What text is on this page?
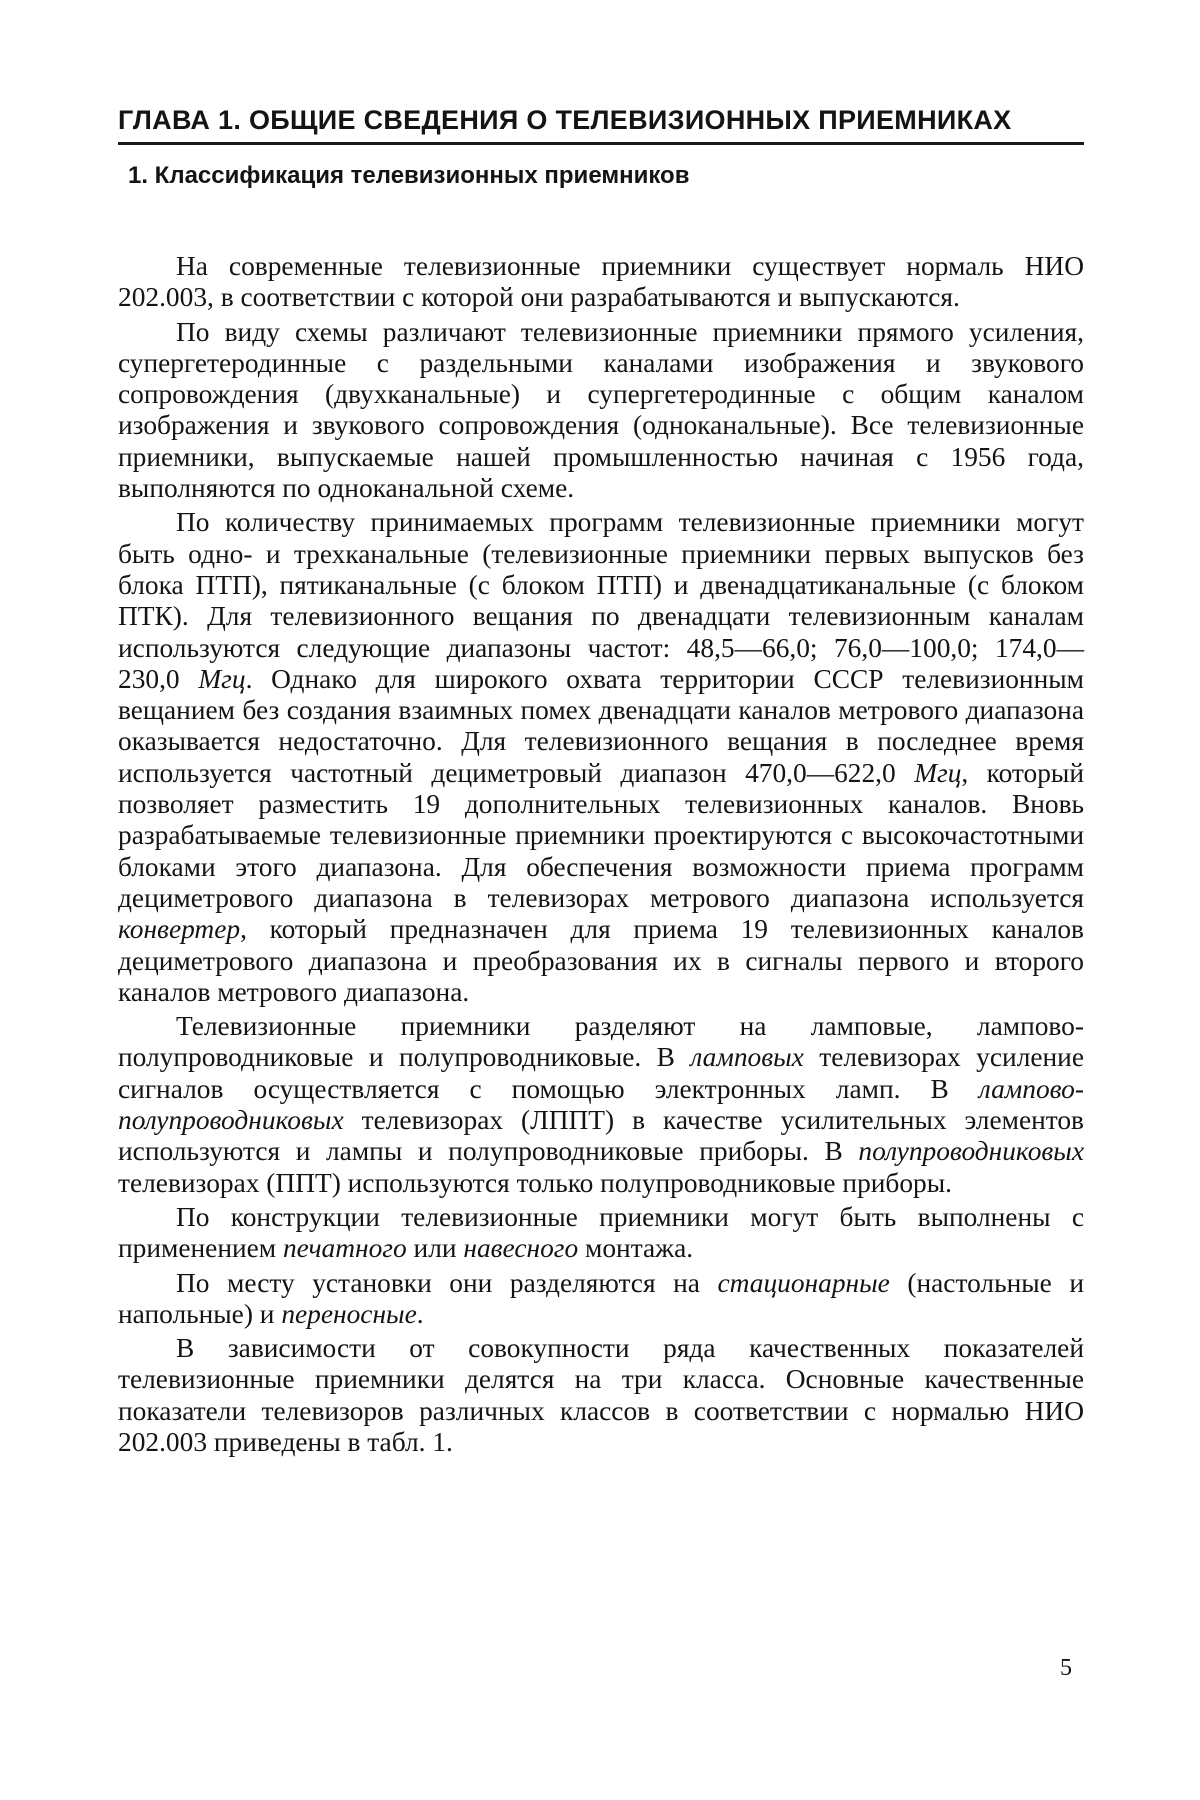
ГЛАВА 1. ОБЩИЕ СВЕДЕНИЯ О ТЕЛЕВИЗИОННЫХ ПРИЕМНИКАХ
1. Классификация телевизионных приемников

На современные телевизионные приемники существует нормаль НИО 202.003, в соответствии с которой они разрабатываются и выпускаются.

По виду схемы различают телевизионные приемники прямого усиления, супергетеродинные с раздельными каналами изображения и звукового сопровождения (двухканальные) и супергетеродинные с общим каналом изображения и звукового сопровождения (одноканальные). Все телевизионные приемники, выпускаемые нашей промышленностью начиная с 1956 года, выполняются по одноканальной схеме.

По количеству принимаемых программ телевизионные приемники могут быть одно- и трехканальные (телевизионные приемники первых выпусков без блока ПТП), пятиканальные (с блоком ПТП) и двенадцатиканальные (с блоком ПТК). Для телевизионного вещания по двенадцати телевизионным каналам используются следующие диапазоны частот: 48,5—66,0; 76,0—100,0; 174,0—230,0 Мгц. Однако для широкого охвата территории СССР телевизионным вещанием без создания взаимных помех двенадцати каналов метрового диапазона оказывается недостаточно. Для телевизионного вещания в последнее время используется частотный дециметровый диапазон 470,0—622,0 Мгц, который позволяет разместить 19 дополнительных телевизионных каналов. Вновь разрабатываемые телевизионные приемники проектируются с высокочастотными блоками этого диапазона. Для обеспечения возможности приема программ дециметрового диапазона в телевизорах метрового диапазона используется конвертер, который предназначен для приема 19 телевизионных каналов дециметрового диапазона и преобразования их в сигналы первого и второго каналов метрового диапазона.

Телевизионные приемники разделяют на ламповые, лампово-полупроводниковые и полупроводниковые. В ламповых телевизорах усиление сигналов осуществляется с помощью электронных ламп. В лампово-полупроводниковых телевизорах (ЛППТ) в качестве усилительных элементов используются и лампы и полупроводниковые приборы. В полупроводниковых телевизорах (ППТ) используются только полупроводниковые приборы.

По конструкции телевизионные приемники могут быть выполнены с применением печатного или навесного монтажа.

По месту установки они разделяются на стационарные (настольные и напольные) и переносные.

В зависимости от совокупности ряда качественных показателей телевизионные приемники делятся на три класса. Основные качественные показатели телевизоров различных классов в соответствии с нормалью НИО 202.003 приведены в табл. 1.

5
